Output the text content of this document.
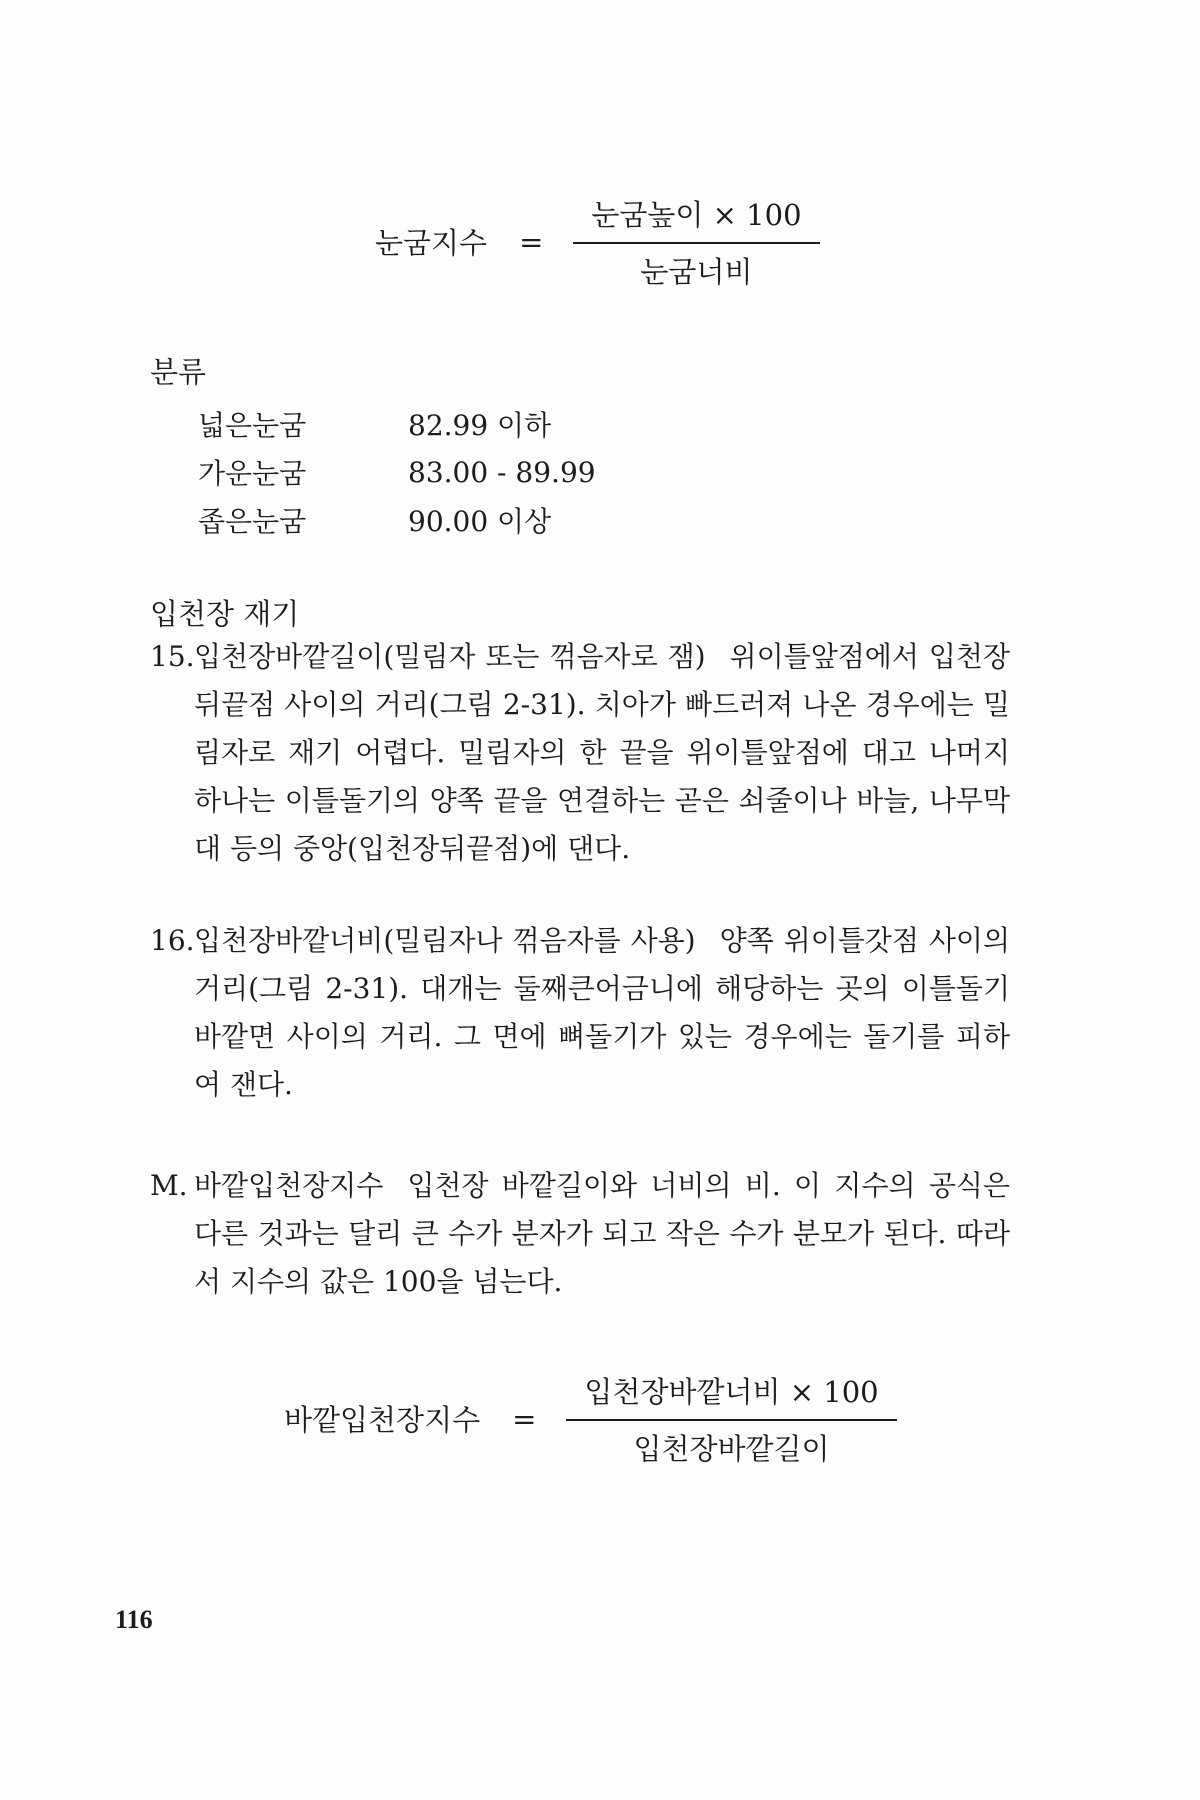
눈굼지수 = $\frac{\text{눈굼높이 × 100}}{\text{눈굼너비}}$
분류
넓은눈굼	82.99 이하
가운눈굼	83.00 - 89.99
좁은눈굼	90.00 이상
입천장 재기
15. 입천장바깥길이(밀림자 또는 꺾음자로 잼) 위이틀앞점에서 입천장뒤끝점 사이의 거리(그림 2-31). 치아가 빠드러져 나온 경우에는 밀림자로 재기 어렵다. 밀림자의 한 끝을 위이틀앞점에 대고 나머지 하나는 이틀돌기의 양쪽 끝을 연결하는 곧은 쇠줄이나 바늘, 나무막대 등의 중앙(입천장뒤끝점)에 댄다.
16. 입천장바깥너비(밀림자나 꺾음자를 사용) 양쪽 위이틀갓점 사이의 거리(그림 2-31). 대개는 둘째큰어금니에 해당하는 곳의 이틀돌기 바깥면 사이의 거리. 그 면에 뼈돌기가 있는 경우에는 돌기를 피하여 잰다.
M. 바깥입천장지수 입천장 바깥길이와 너비의 비. 이 지수의 공식은 다른 것과는 달리 큰 수가 분자가 되고 작은 수가 분모가 된다. 따라서 지수의 값은 100을 넘는다.
바깥입천장지수 = $\frac{\text{입천장바깥너비 × 100}}{\text{입천장바깥길이}}$
116
